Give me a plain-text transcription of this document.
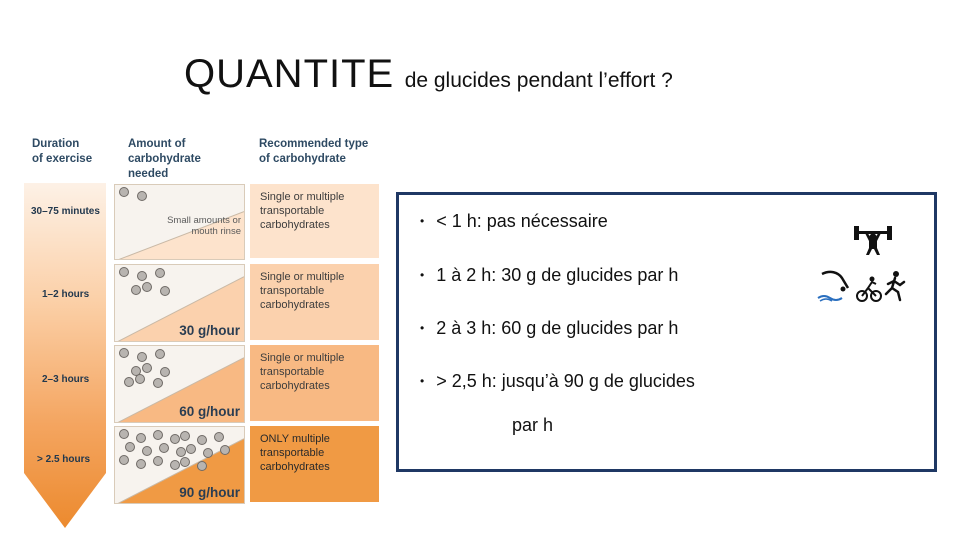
QUANTITE de glucides pendant l’effort ?
Duration
of exercise
Amount of
carbohydrate
needed
Recommended type
of carbohydrate
30–75 minutes
1–2 hours
2–3 hours
> 2.5 hours
Small amounts or mouth rinse
30 g/hour
60 g/hour
90 g/hour
Single or multiple transportable carbohydrates
Single or multiple transportable carbohydrates
Single or multiple transportable carbohydrates
ONLY multiple transportable carbohydrates
• < 1 h: pas nécessaire
• 1 à 2 h: 30 g de glucides par h
• 2 à 3 h: 60 g de glucides par h
• > 2,5 h: jusqu’à 90 g de glucides
par h
